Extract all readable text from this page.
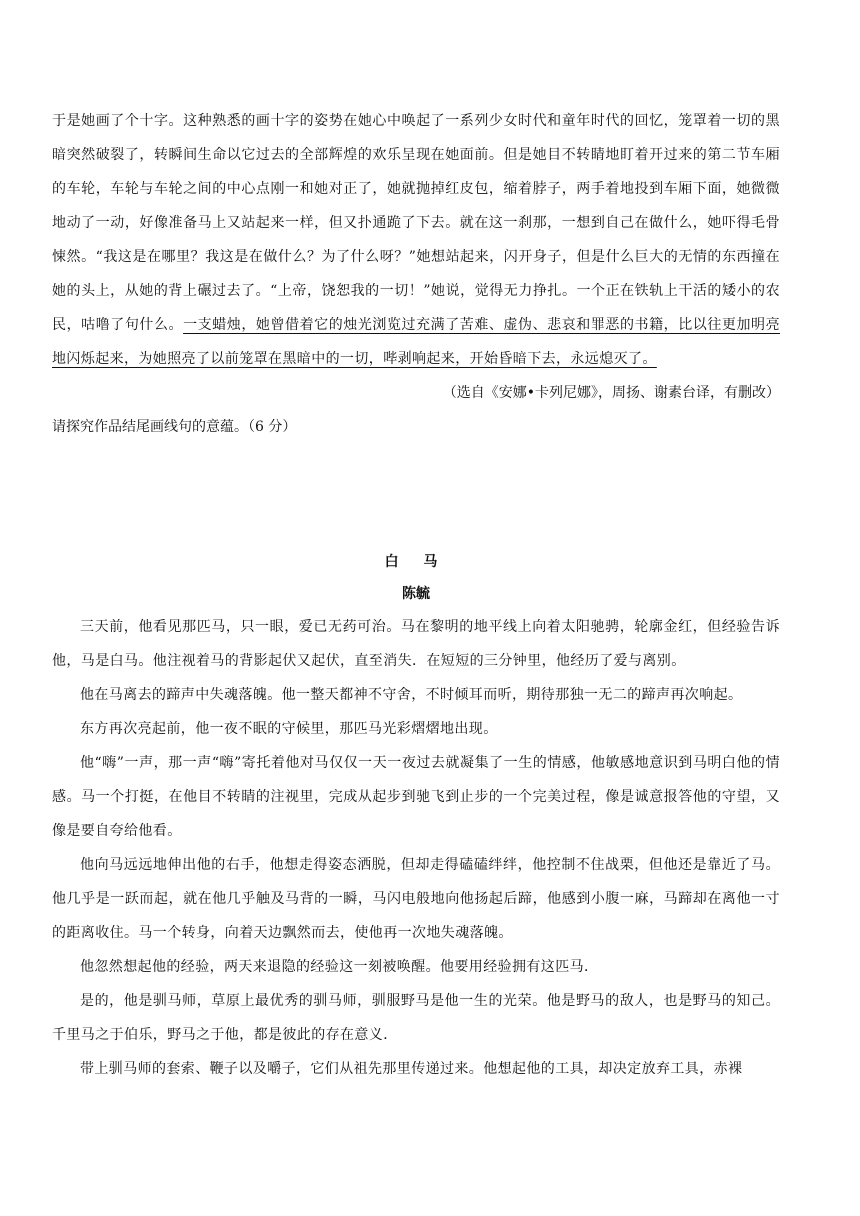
于是她画了个十字。这种熟悉的画十字的姿势在她心中唤起了一系列少女时代和童年时代的回忆，笼罩着一切的黑暗突然破裂了，转瞬间生命以它过去的全部辉煌的欢乐呈现在她面前。但是她目不转睛地盯着开过来的第二节车厢的车轮，车轮与车轮之间的中心点刚一和她对正了，她就抛掉红皮包，缩着脖子，两手着地投到车厢下面，她微微地动了一动，好像准备马上又站起来一样，但又扑通跪了下去。就在这一刹那，一想到自己在做什么，她吓得毛骨悚然。“我这是在哪里？我这是在做什么？为了什么呀？”她想站起来，闪开身子，但是什么巨大的无情的东西撞在她的头上，从她的背上碾过去了。“上帝，饶恕我的一切！”她说，觉得无力挣扎。一个正在铁轨上干活的矮小的农民，咕噜了句什么。一支蜡烛，她曾借着它的烛光浏览过充满了苦难、虚伪、悲哀和罪恶的书籍，比以往更加明亮地闪烁起来，为她照亮了以前笼罩在黑暗中的一切，哔剥响起来，开始昏暗下去，永远熄灭了。

（选自《安娜•卡列尼娜》，周扬、谢素台译，有删改）

请探究作品结尾画线句的意蕴。（6 分）

白 马

陈毓

三天前，他看见那匹马，只一眼，爱已无药可治。马在黎明的地平线上向着太阳驰骋，轮廓金红，但经验告诉他，马是白马。他注视着马的背影起伏又起伏，直至消失．在短短的三分钟里，他经历了爱与离别。

他在马离去的蹄声中失魂落魄。他一整天都神不守舍，不时倾耳而听，期待那独一无二的蹄声再次响起。

东方再次亮起前，他一夜不眠的守候里，那匹马光彩熠熠地出现。

他“嗨”一声，那一声“嗨”寄托着他对马仅仅一天一夜过去就凝集了一生的情感，他敏感地意识到马明白他的情感。马一个打挺，在他目不转睛的注视里，完成从起步到驰飞到止步的一个完美过程，像是诚意报答他的守望，又像是要自夸给他看。

他向马远远地伸出他的右手，他想走得姿态洒脱，但却走得磕磕绊绊，他控制不住战栗，但他还是靠近了马。他几乎是一跃而起，就在他几乎触及马背的一瞬，马闪电般地向他扬起后蹄，他感到小腹一麻，马蹄却在离他一寸的距离收住。马一个转身，向着天边飘然而去，使他再一次地失魂落魄。

他忽然想起他的经验，两天来退隐的经验这一刻被唤醒。他要用经验拥有这匹马．

是的，他是驯马师，草原上最优秀的驯马师，驯服野马是他一生的光荣。他是野马的敌人，也是野马的知己。千里马之于伯乐，野马之于他，都是彼此的存在意义．

带上驯马师的套索、鞭子以及嚼子，它们从祖先那里传递过来。他想起他的工具，却决定放弃工具，赤裸
